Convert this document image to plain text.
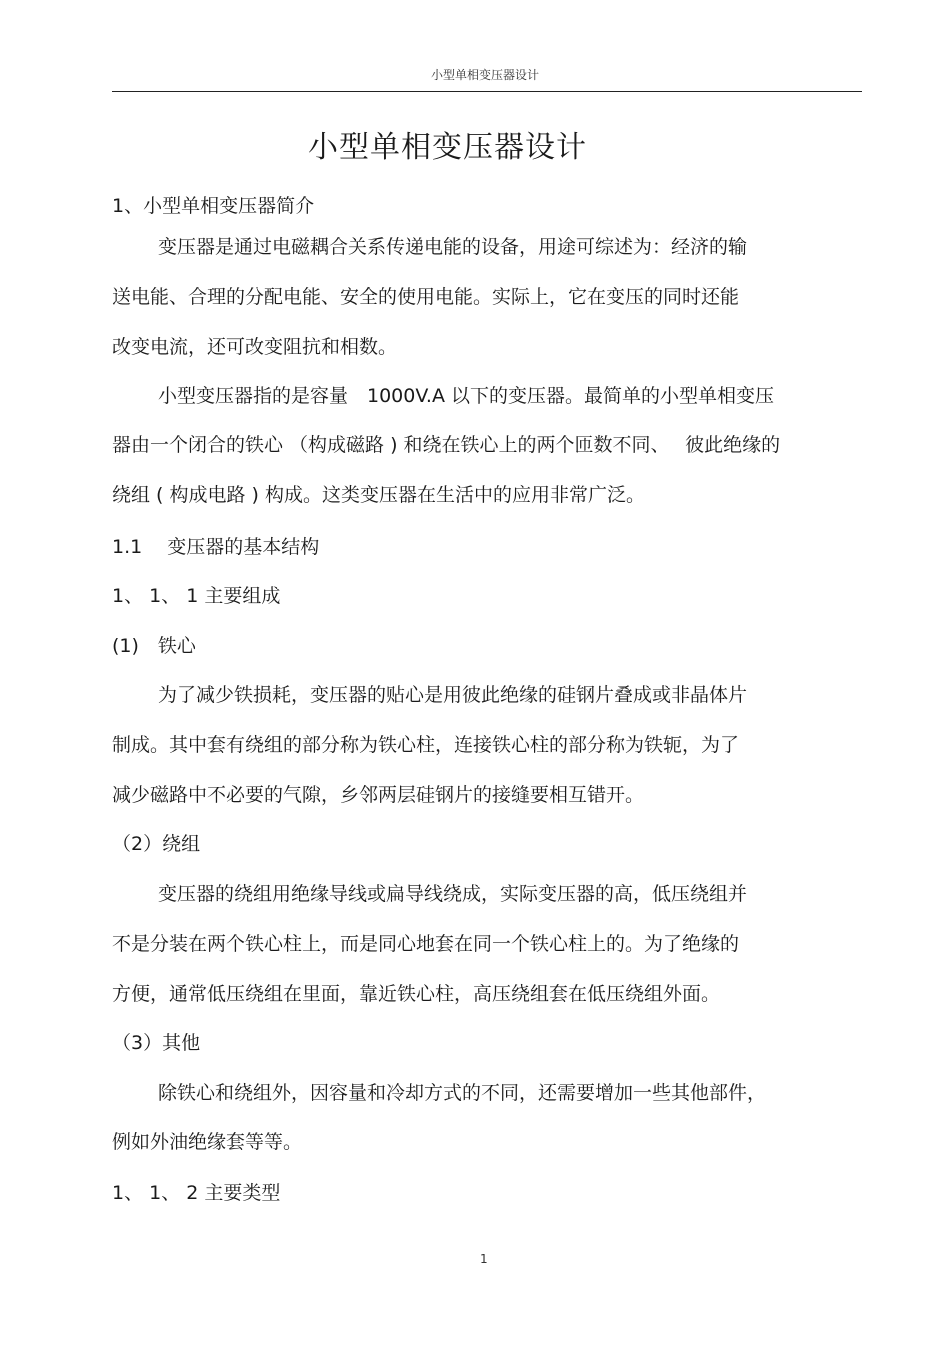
小型单相变压器设计
小型单相变压器设计
1、小型单相变压器简介
变压器是通过电磁耦合关系传递电能的设备，用途可综述为：经济的输
送电能、合理的分配电能、安全的使用电能。实际上，它在变压的同时还能
改变电流，还可改变阻抗和相数。
小型变压器指的是容量　1000V.A 以下的变压器。最简单的小型单相变压
器由一个闭合的铁心 （构成磁路 ) 和绕在铁心上的两个匝数不同、　 彼此绝缘的
绕组 ( 构成电路 ) 构成。这类变压器在生活中的应用非常广泛。
1.1　 变压器的基本结构
1、 1、 1 主要组成
(1)　铁心
为了减少铁损耗，变压器的贴心是用彼此绝缘的硅钢片叠成或非晶体片
制成。其中套有绕组的部分称为铁心柱，连接铁心柱的部分称为铁轭，为了
减少磁路中不必要的气隙，乡邻两层硅钢片的接缝要相互错开。
（2）绕组
变压器的绕组用绝缘导线或扁导线绕成，实际变压器的高，低压绕组并
不是分装在两个铁心柱上，而是同心地套在同一个铁心柱上的。为了绝缘的
方便，通常低压绕组在里面，靠近铁心柱，高压绕组套在低压绕组外面。
（3）其他
除铁心和绕组外，因容量和冷却方式的不同，还需要增加一些其他部件，
例如外油绝缘套等等。
1、 1、 2 主要类型
1
